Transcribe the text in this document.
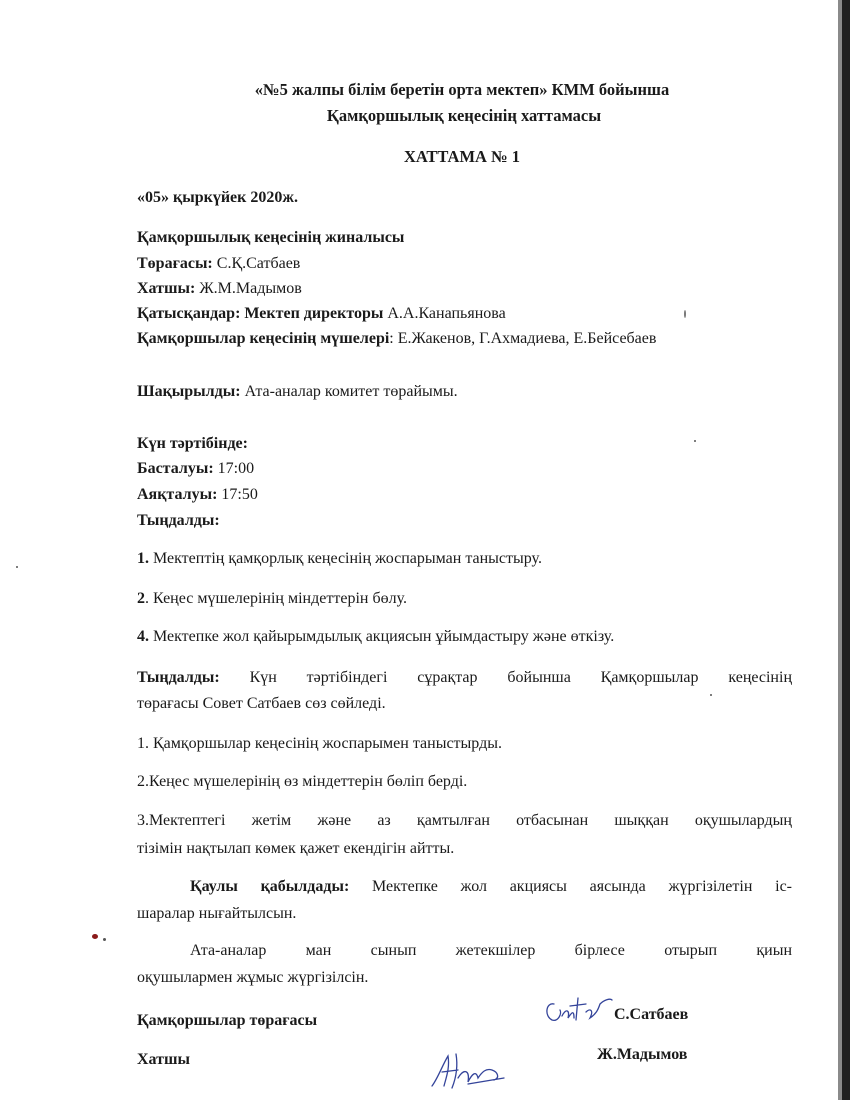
«№5 жалпы білім беретін орта мектеп» КММ бойынша
Қамқоршылық кеңесінің хаттамасы
ХАТТАМА № 1
«05» қыркүйек 2020ж.
Қамқоршылық кеңесінің жиналысы
Төрағасы: С.Қ.Сатбаев
Хатшы: Ж.М.Мадымов
Қатысқандар: Мектеп директоры А.А.Канапьянова
Қамқоршылар кеңесінің мүшелері: Е.Жакенов, Г.Ахмадиева, Е.Бейсебаев
Шақырылды: Ата-аналар комитет төрайымы.
Күн тәртібінде:
Басталуы: 17:00
Аяқталуы: 17:50
Тыңдалды:
1. Мектептің қамқорлық кеңесінің жоспарыман таныстыру.
2. Кеңес мүшелерінің міндеттерін бөлу.
4. Мектепке жол қайырымдылық акциясын ұйымдастыру және өткізу.
Тыңдалды: Күн тәртібіндегі сұрақтар бойынша Қамқоршылар кеңесінің
төрағасы Совет Сатбаев сөз сөйледі.
1. Қамқоршылар кеңесінің жоспарымен таныстырды.
2.Кеңес мүшелерінің өз міндеттерін бөліп берді.
3.Мектептегі жетім және аз қамтылған отбасынан шыққан оқушылардың
тізімін нақтылап көмек қажет екендігін айтты.
Қаулы қабылдады: Мектепке жол акциясы аясында жүргізілетін іс-
шаралар нығайтылсын.
Ата-аналар ман сынып жетекшілер бірлесе отырып қиын
оқушылармен жұмыс жүргізілсін.
Қамқоршылар төрағасы	С.Сатбаев
Хатшы	Ж.Мадымов
